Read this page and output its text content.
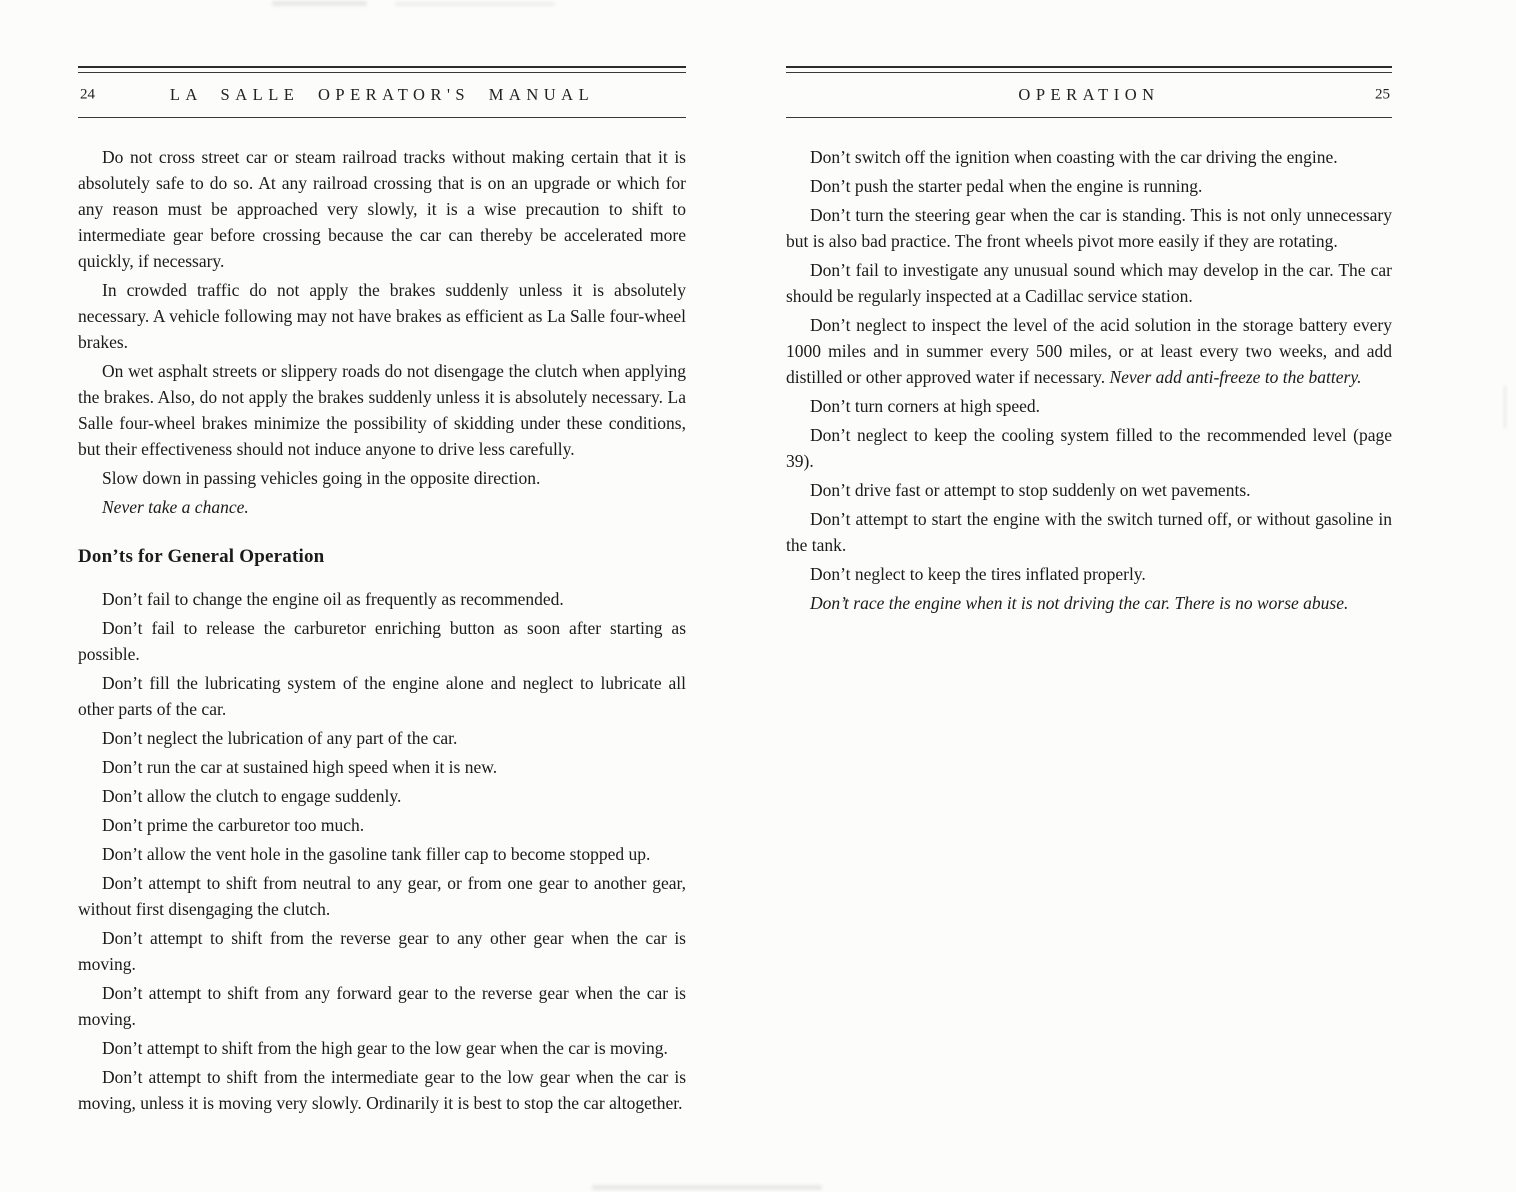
24	LA SALLE OPERATOR'S MANUAL

Do not cross street car or steam railroad tracks without making certain that it is absolutely safe to do so. At any railroad crossing that is on an upgrade or which for any reason must be approached very slowly, it is a wise precaution to shift to intermediate gear before crossing because the car can thereby be accelerated more quickly, if necessary.

In crowded traffic do not apply the brakes suddenly unless it is absolutely necessary. A vehicle following may not have brakes as efficient as La Salle four-wheel brakes.

On wet asphalt streets or slippery roads do not disengage the clutch when applying the brakes. Also, do not apply the brakes suddenly unless it is absolutely necessary. La Salle four-wheel brakes minimize the possibility of skidding under these conditions, but their effectiveness should not induce anyone to drive less carefully.

Slow down in passing vehicles going in the opposite direction.

Never take a chance.

Don’ts for General Operation

Don’t fail to change the engine oil as frequently as recommended.

Don’t fail to release the carburetor enriching button as soon after starting as possible.

Don’t fill the lubricating system of the engine alone and neglect to lubricate all other parts of the car.

Don’t neglect the lubrication of any part of the car.

Don’t run the car at sustained high speed when it is new.

Don’t allow the clutch to engage suddenly.

Don’t prime the carburetor too much.

Don’t allow the vent hole in the gasoline tank filler cap to become stopped up.

Don’t attempt to shift from neutral to any gear, or from one gear to another gear, without first disengaging the clutch.

Don’t attempt to shift from the reverse gear to any other gear when the car is moving.

Don’t attempt to shift from any forward gear to the reverse gear when the car is moving.

Don’t attempt to shift from the high gear to the low gear when the car is moving.

Don’t attempt to shift from the intermediate gear to the low gear when the car is moving, unless it is moving very slowly. Ordinarily it is best to stop the car altogether.

OPERATION	25

Don’t switch off the ignition when coasting with the car driving the engine.

Don’t push the starter pedal when the engine is running.

Don’t turn the steering gear when the car is standing. This is not only unnecessary but is also bad practice. The front wheels pivot more easily if they are rotating.

Don’t fail to investigate any unusual sound which may develop in the car. The car should be regularly inspected at a Cadillac service station.

Don’t neglect to inspect the level of the acid solution in the storage battery every 1000 miles and in summer every 500 miles, or at least every two weeks, and add distilled or other approved water if necessary. Never add anti-freeze to the battery.

Don’t turn corners at high speed.

Don’t neglect to keep the cooling system filled to the recommended level (page 39).

Don’t drive fast or attempt to stop suddenly on wet pavements.

Don’t attempt to start the engine with the switch turned off, or without gasoline in the tank.

Don’t neglect to keep the tires inflated properly.

Don’t race the engine when it is not driving the car. There is no worse abuse.
